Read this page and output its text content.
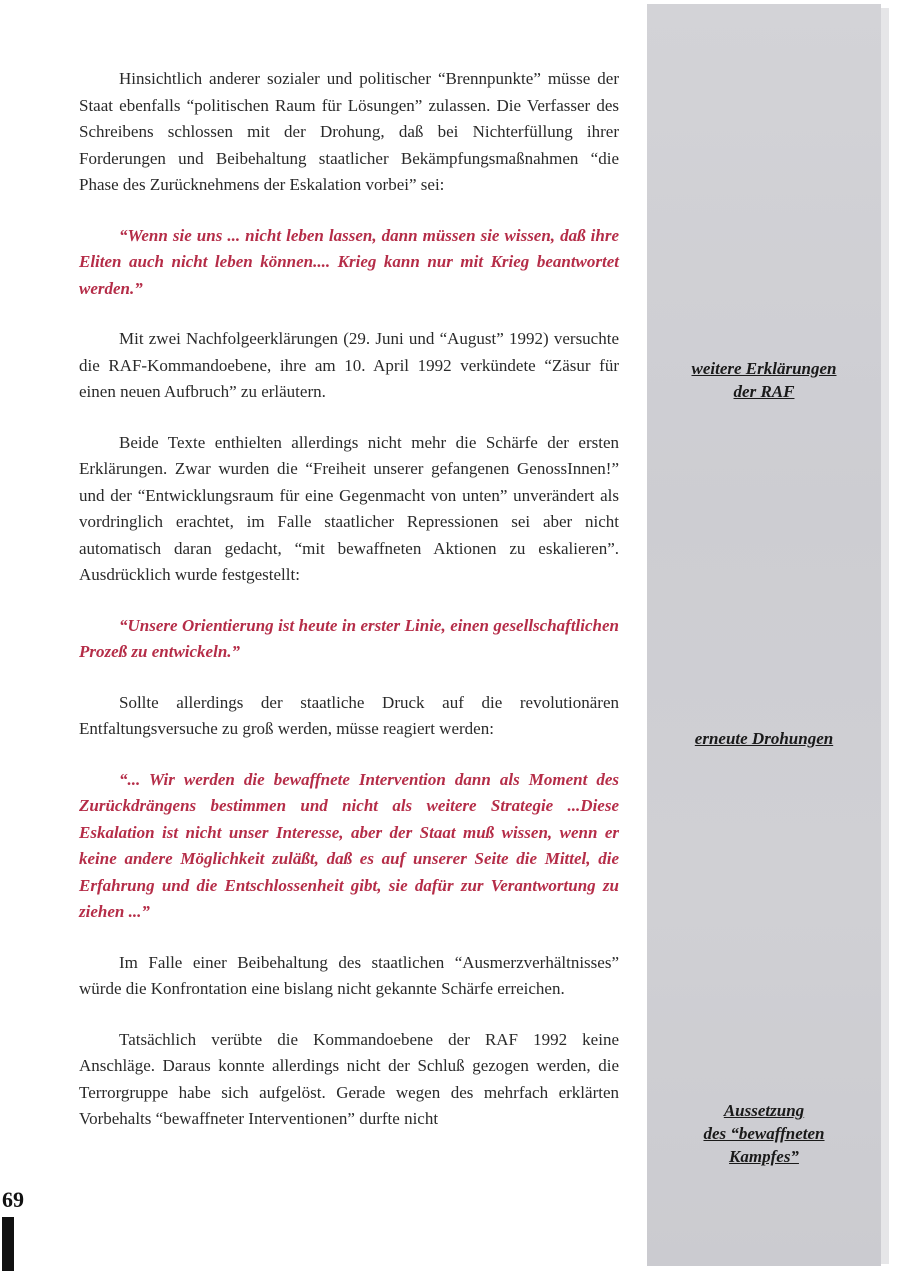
Hinsichtlich anderer sozialer und politischer “Brennpunkte” müsse der Staat ebenfalls “politischen Raum für Lösungen” zulassen. Die Verfasser des Schreibens schlossen mit der Drohung, daß bei Nichterfüllung ihrer Forderungen und Beibehaltung staatlicher Bekämpfungsmaßnahmen “die Phase des Zurücknehmens der Eskalation vorbei” sei:

“Wenn sie uns ... nicht leben lassen, dann müssen sie wissen, daß ihre Eliten auch nicht leben können.... Krieg kann nur mit Krieg beantwortet werden.”

Mit zwei Nachfolgeerklärungen (29. Juni und “August” 1992) versuchte die RAF-Kommandoebene, ihre am 10. April 1992 verkündete “Zäsur für einen neuen Aufbruch” zu erläutern.

Beide Texte enthielten allerdings nicht mehr die Schärfe der ersten Erklärungen. Zwar wurden die “Freiheit unserer gefangenen GenossInnen!” und der “Entwicklungsraum für eine Gegenmacht von unten” unverändert als vordringlich erachtet, im Falle staatlicher Repressionen sei aber nicht automatisch daran gedacht, “mit bewaffneten Aktionen zu eskalieren”. Ausdrücklich wurde festgestellt:

“Unsere Orientierung ist heute in erster Linie, einen gesellschaftlichen Prozeß zu entwickeln.”

Sollte allerdings der staatliche Druck auf die revolutionären Entfaltungsversuche zu groß werden, müsse reagiert werden:

“... Wir werden die bewaffnete Intervention dann als Moment des Zurückdrängens bestimmen und nicht als weitere Strategie ...Diese Eskalation ist nicht unser Interesse, aber der Staat muß wissen, wenn er keine andere Möglichkeit zuläßt, daß es auf unserer Seite die Mittel, die Erfahrung und die Entschlossenheit gibt, sie dafür zur Verantwortung zu ziehen ...”

Im Falle einer Beibehaltung des staatlichen “Ausmerzverhältnisses” würde die Konfrontation eine bislang nicht gekannte Schärfe erreichen.

Tatsächlich verübte die Kommandoebene der RAF 1992 keine Anschläge. Daraus konnte allerdings nicht der Schluß gezogen werden, die Terrorgruppe habe sich aufgelöst. Gerade wegen des mehrfach erklärten Vorbehalts “bewaffneter Interventionen” durfte nicht

weitere Erklärungen
der RAF
erneute Drohungen
Aussetzung
des “bewaffneten
Kampfes”
69
